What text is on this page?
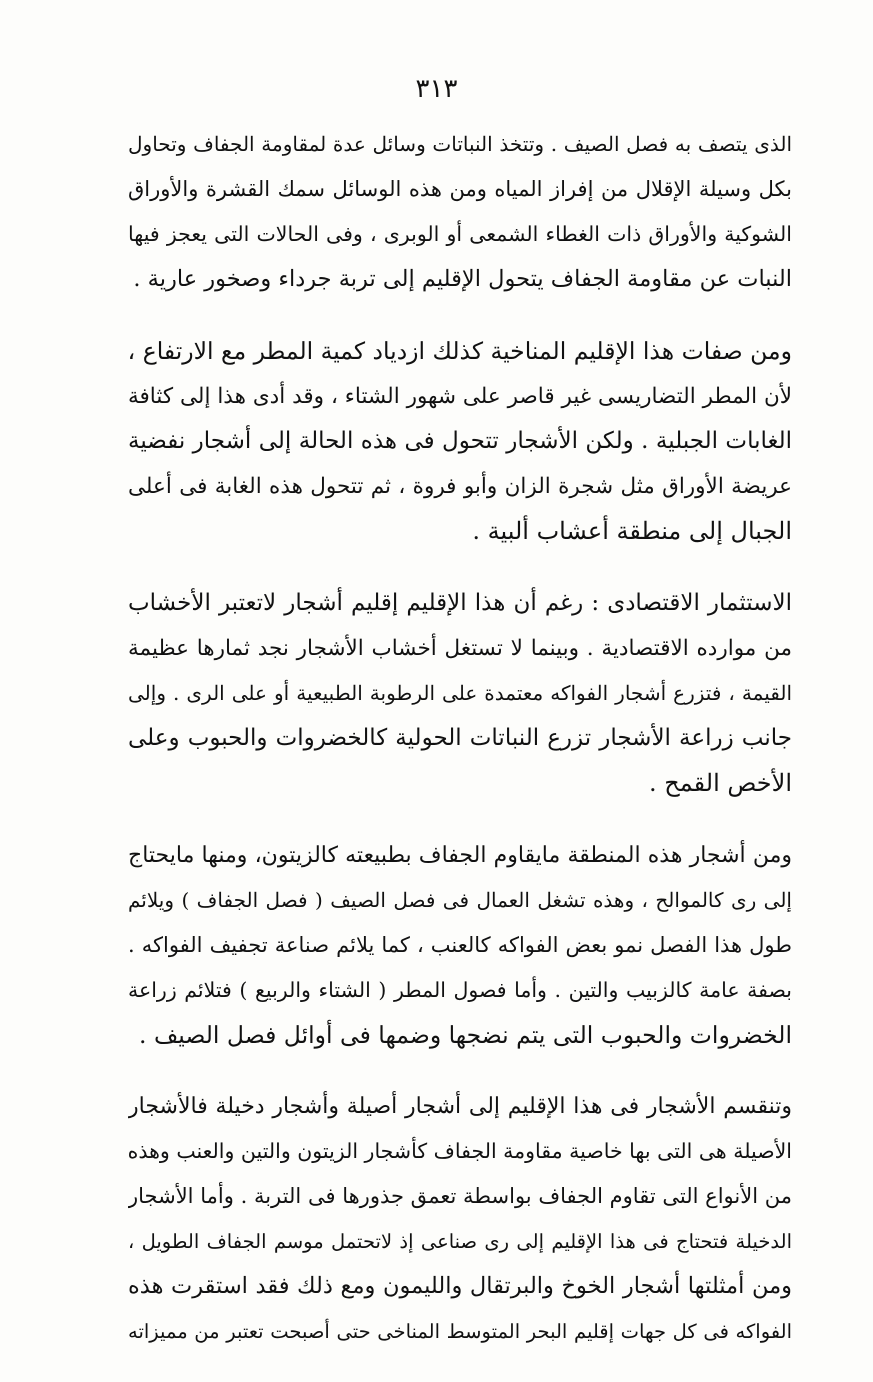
٣١٣
الذى يتصف به فصل الصيف . وتتخذ النباتات وسائل عدة لمقاومة الجفاف وتحاول
بكل وسيلة الإقلال من إفراز المياه ومن هذه الوسائل سمك القشرة والأوراق
الشوكية والأوراق ذات الغطاء الشمعى أو الوبرى ، وفى الحالات التى يعجز فيها
النبات عن مقاومة الجفاف يتحول الإقليم إلى تربة جرداء وصخور عارية .
ومن صفات هذا الإقليم المناخية كذلك ازدياد كمية المطر مع الارتفاع ،
لأن المطر التضاريسى غير قاصر على شهور الشتاء ، وقد أدى هذا إلى كثافة
الغابات الجبلية . ولكن الأشجار تتحول فى هذه الحالة إلى أشجار نفضية
عريضة الأوراق مثل شجرة الزان وأبو فروة ، ثم تتحول هذه الغابة فى أعلى
الجبال إلى منطقة أعشاب ألبية .
الاستثمار الاقتصادى : رغم أن هذا الإقليم إقليم أشجار لاتعتبر الأخشاب
من موارده الاقتصادية . وبينما لا تستغل أخشاب الأشجار نجد ثمارها عظيمة
القيمة ، فتزرع أشجار الفواكه معتمدة على الرطوبة الطبيعية أو على الرى . وإلى
جانب زراعة الأشجار تزرع النباتات الحولية كالخضروات والحبوب وعلى
الأخص القمح .
ومن أشجار هذه المنطقة مايقاوم الجفاف بطبيعته كالزيتون، ومنها مايحتاج
إلى رى كالموالح ، وهذه تشغل العمال فى فصل الصيف ( فصل الجفاف ) ويلائم
طول هذا الفصل نمو بعض الفواكه كالعنب ، كما يلائم صناعة تجفيف الفواكه .
بصفة عامة كالزبيب والتين . وأما فصول المطر ( الشتاء والربيع ) فتلائم زراعة
الخضروات والحبوب التى يتم نضجها وضمها فى أوائل فصل الصيف .
وتنقسم الأشجار فى هذا الإقليم إلى أشجار أصيلة وأشجار دخيلة فالأشجار
الأصيلة هى التى بها خاصية مقاومة الجفاف كأشجار الزيتون والتين والعنب وهذه
من الأنواع التى تقاوم الجفاف بواسطة تعمق جذورها فى التربة . وأما الأشجار
الدخيلة فتحتاج فى هذا الإقليم إلى رى صناعى إذ لاتحتمل موسم الجفاف الطويل ،
ومن أمثلتها أشجار الخوخ والبرتقال والليمون ومع ذلك فقد استقرت هذه
الفواكه فى كل جهات إقليم البحر المتوسط المناخى حتى أصبحت تعتبر من مميزاته
